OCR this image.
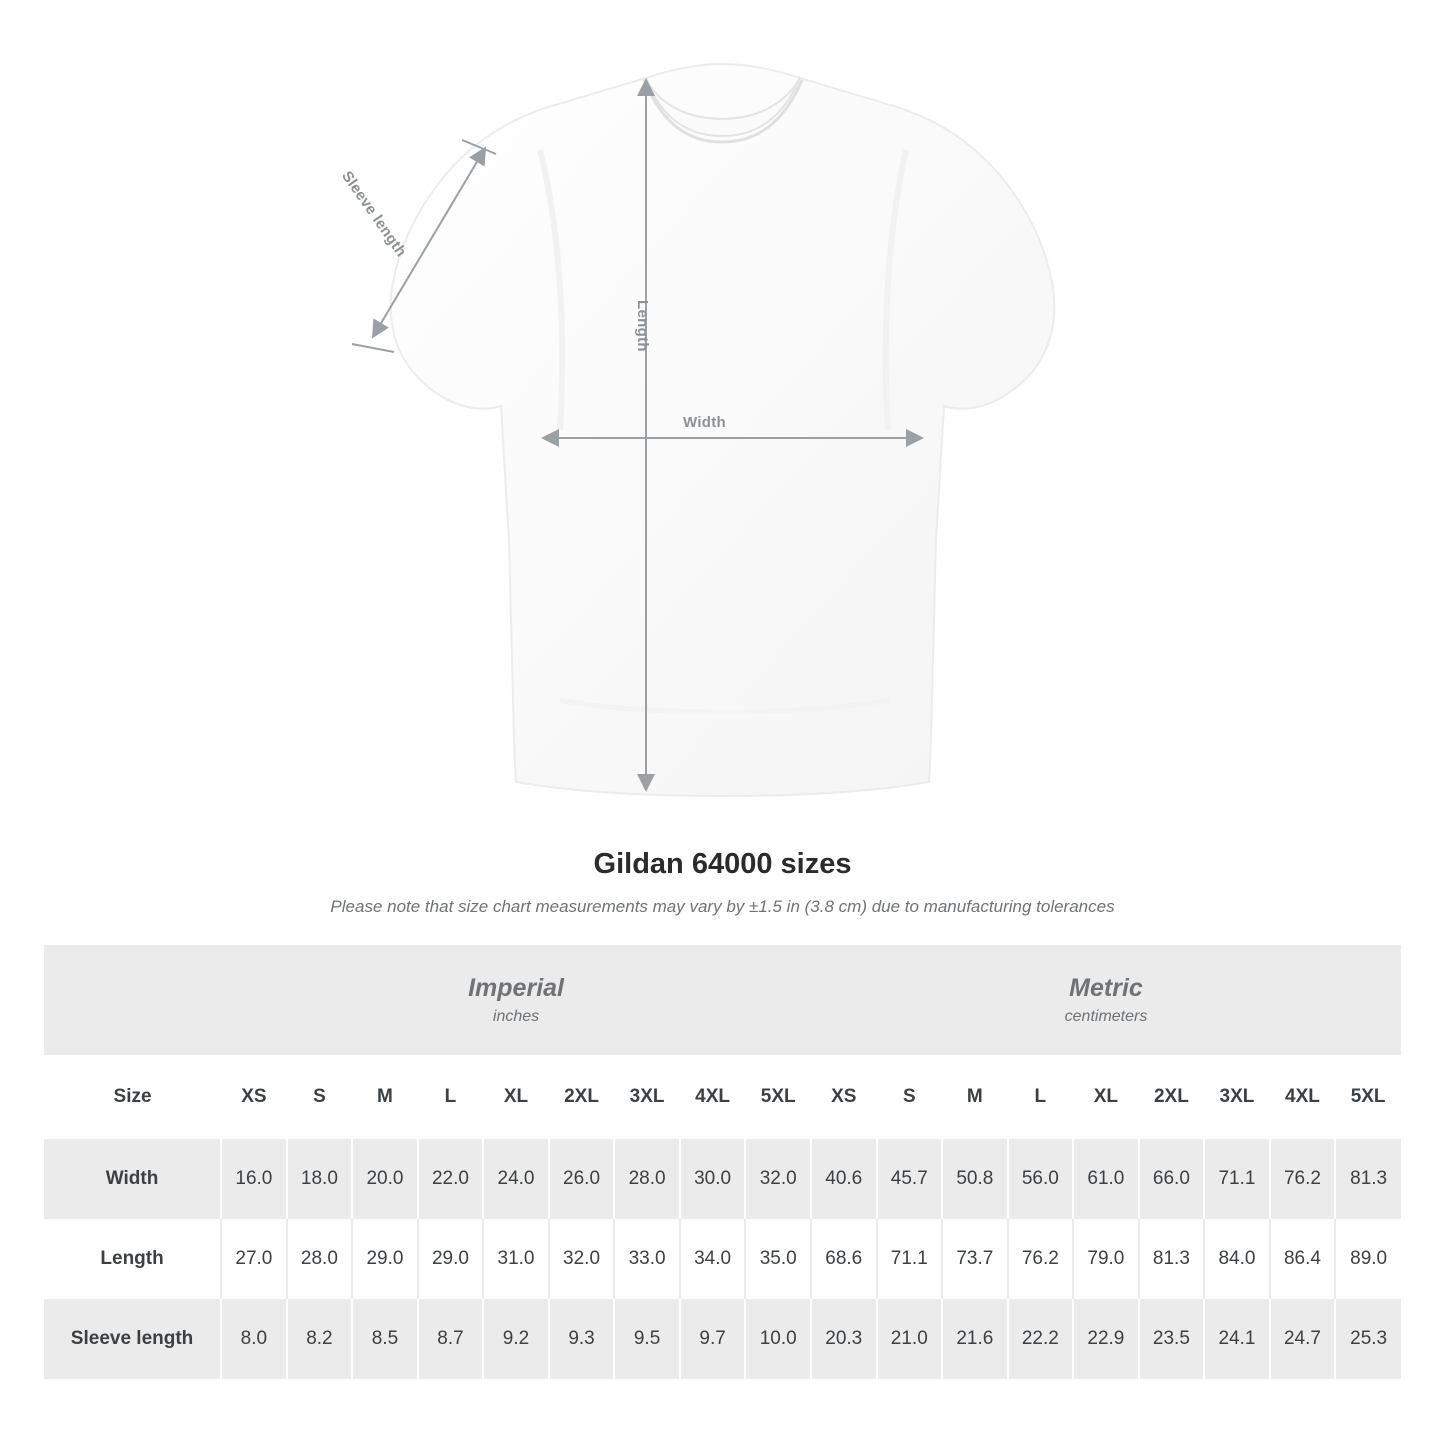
Sleeve length
Length
Width
Gildan 64000 sizes

Please note that size chart measurements may vary by ±1.5 in (3.8 cm) due to manufacturing tolerances

	Imperial
inches									Metric
centimeters								

Size	XS	S	M	L	XL	2XL	3XL	4XL	5XL	XS	S	M	L	XL	2XL	3XL	4XL	5XL
Width	16.0	18.0	20.0	22.0	24.0	26.0	28.0	30.0	32.0	40.6	45.7	50.8	56.0	61.0	66.0	71.1	76.2	81.3
Length	27.0	28.0	29.0	29.0	31.0	32.0	33.0	34.0	35.0	68.6	71.1	73.7	76.2	79.0	81.3	84.0	86.4	89.0
Sleeve length	8.0	8.2	8.5	8.7	9.2	9.3	9.5	9.7	10.0	20.3	21.0	21.6	22.2	22.9	23.5	24.1	24.7	25.3
